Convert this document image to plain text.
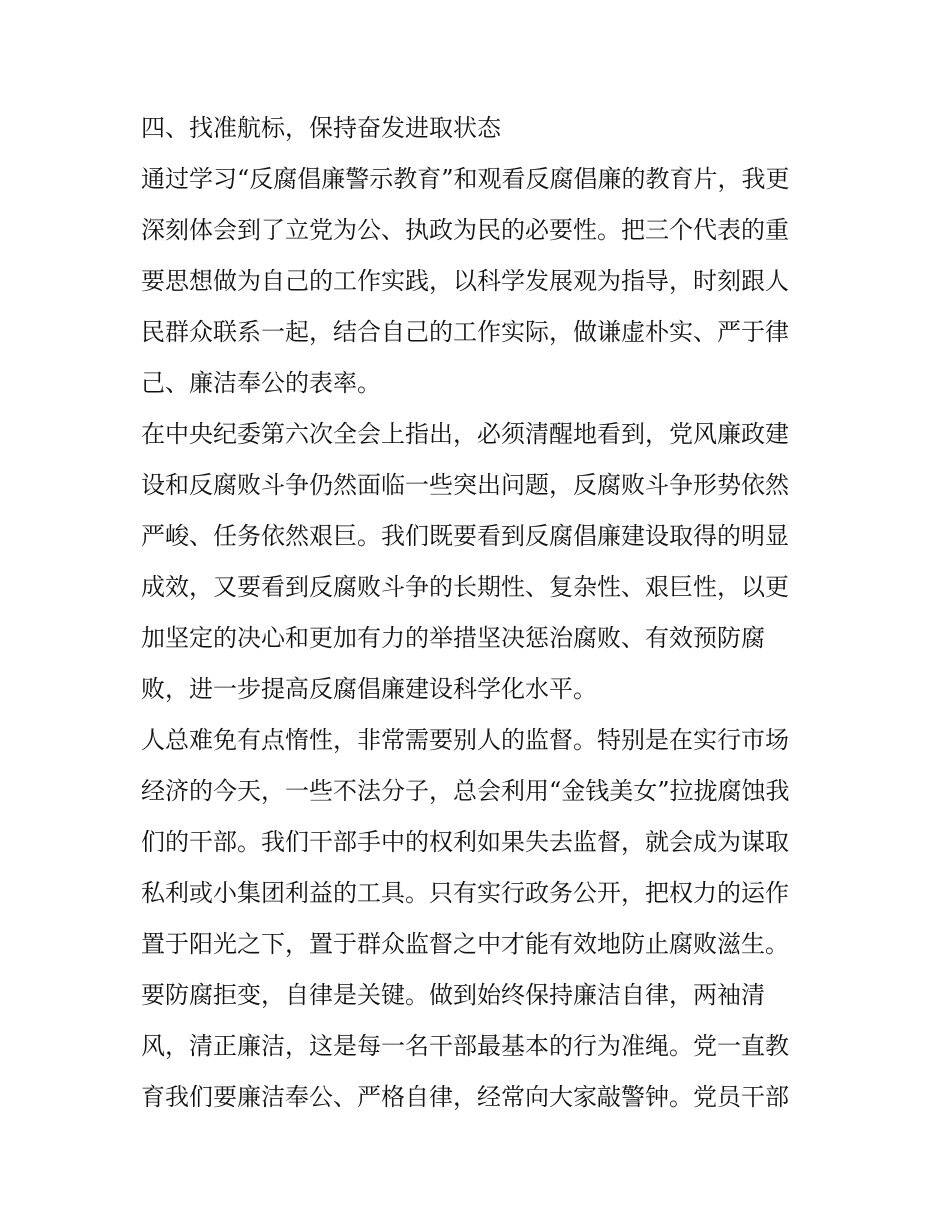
四、找准航标，保持奋发进取状态
通过学习“反腐倡廉警示教育”和观看反腐倡廉的教育片，我更
深刻体会到了立党为公、执政为民的必要性。把三个代表的重
要思想做为自己的工作实践，以科学发展观为指导，时刻跟人
民群众联系一起，结合自己的工作实际，做谦虚朴实、严于律
己、廉洁奉公的表率。
在中央纪委第六次全会上指出，必须清醒地看到，党风廉政建
设和反腐败斗争仍然面临一些突出问题，反腐败斗争形势依然
严峻、任务依然艰巨。我们既要看到反腐倡廉建设取得的明显
成效，又要看到反腐败斗争的长期性、复杂性、艰巨性，以更
加坚定的决心和更加有力的举措坚决惩治腐败、有效预防腐
败，进一步提高反腐倡廉建设科学化水平。
人总难免有点惰性，非常需要别人的监督。特别是在实行市场
经济的今天，一些不法分子，总会利用“金钱美女”拉拢腐蚀我
们的干部。我们干部手中的权利如果失去监督，就会成为谋取
私利或小集团利益的工具。只有实行政务公开，把权力的运作
置于阳光之下，置于群众监督之中才能有效地防止腐败滋生。
要防腐拒变，自律是关键。做到始终保持廉洁自律，两袖清
风，清正廉洁，这是每一名干部最基本的行为准绳。党一直教
育我们要廉洁奉公、严格自律，经常向大家敲警钟。党员干部
